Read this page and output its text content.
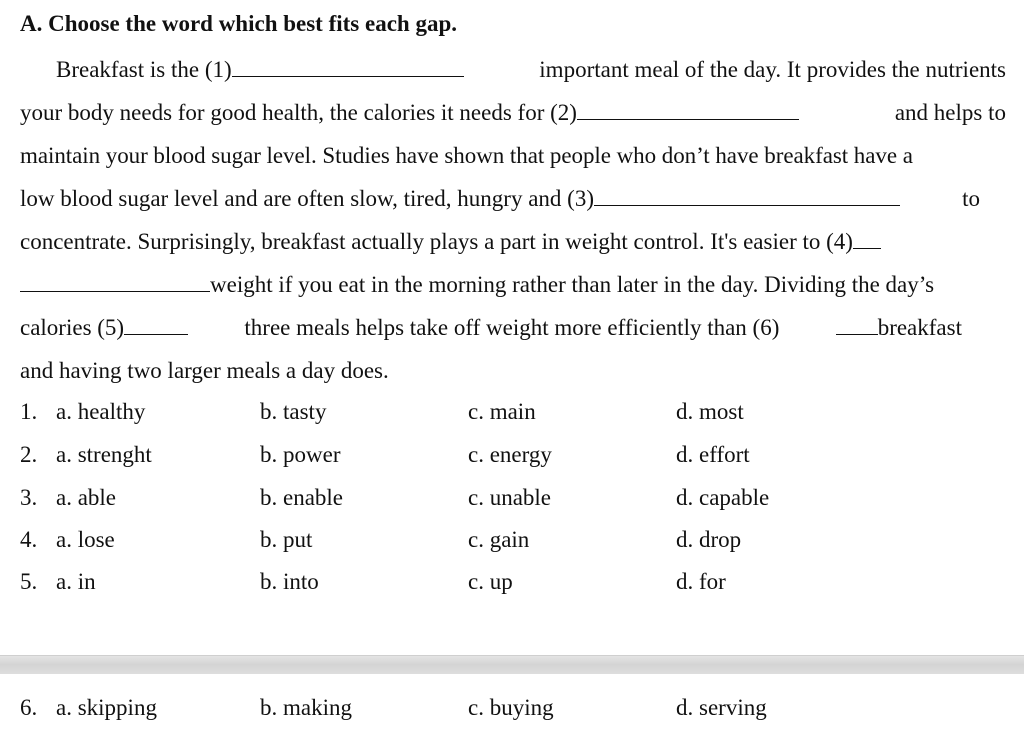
A. Choose the word which best fits each gap.
Breakfast is the (1)	important meal of the day. It provides the nutrients
your body needs for good health, the calories it needs for (2)	and helps to
maintain your blood sugar level. Studies have shown that people who don’t have breakfast have a
low blood sugar level and are often slow, tired, hungry and (3)	to
concentrate. Surprisingly, breakfast actually plays a part in weight control. It's easier to (4)
weight if you eat in the morning rather than later in the day. Dividing the day’s
calories (5)	three meals helps take off weight more efficiently than (6)	breakfast
and having two larger meals a day does.
1. a. healthy	b. tasty	c. main	d. most
2. a. strenght	b. power	c. energy	d. effort
3. a. able	b. enable	c. unable	d. capable
4. a. lose	b. put	c. gain	d. drop
5. a. in	b. into	c. up	d. for
6. a. skipping	b. making	c. buying	d. serving
